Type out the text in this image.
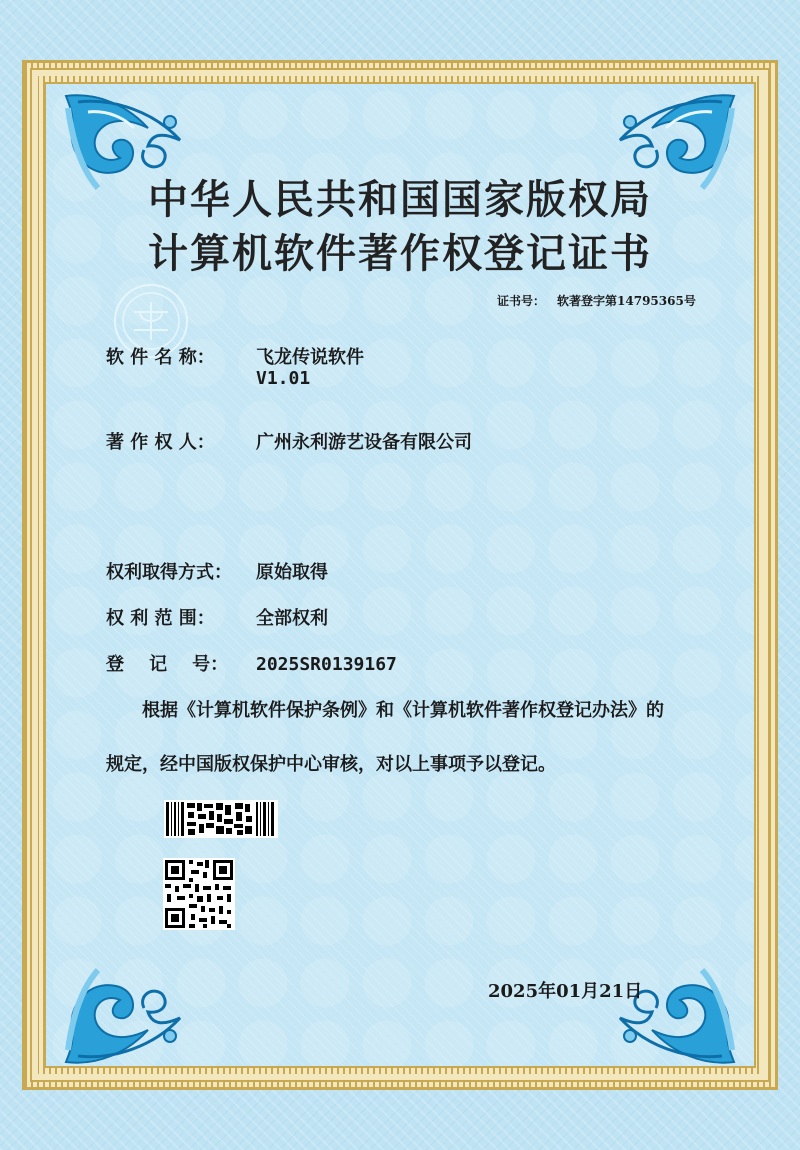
中华人民共和国国家版权局
计算机软件著作权登记证书
证书号： 软著登字第14795365号
软 件 名 称： 飞龙传说软件
V1.01
著 作 权 人： 广州永利游艺设备有限公司
权利取得方式： 原始取得
权 利 范 围： 全部权利
登    记    号： 2025SR0139167
根据《计算机软件保护条例》和《计算机软件著作权登记办法》的
规定，经中国版权保护中心审核，对以上事项予以登记。
2025年01月21日
